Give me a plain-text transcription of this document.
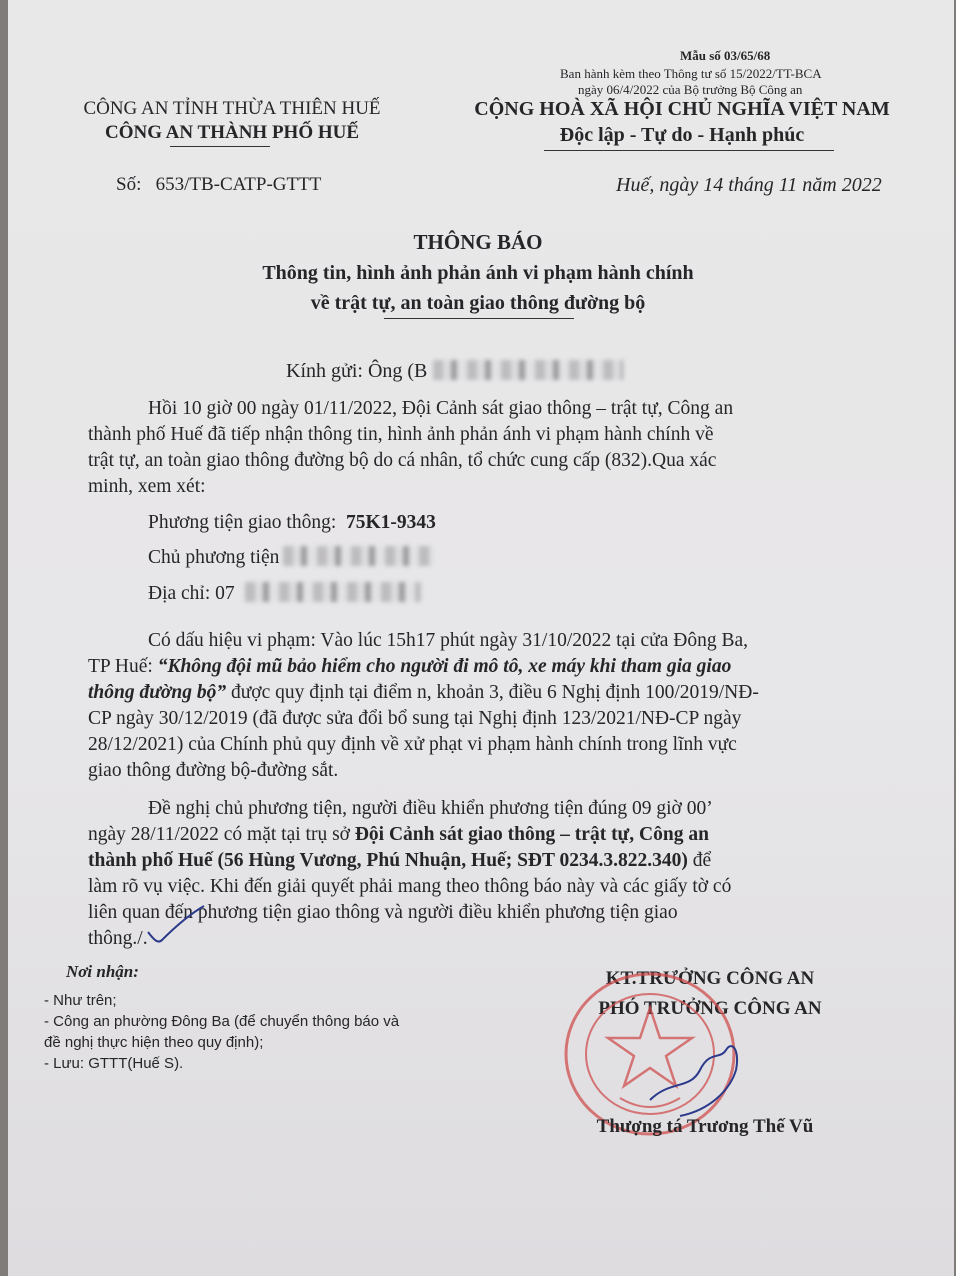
Mẫu số 03/65/68
Ban hành kèm theo Thông tư số 15/2022/TT-BCA
ngày 06/4/2022 của Bộ trưởng Bộ Công an
CÔNG AN TỈNH THỪA THIÊN HUẾ
CÔNG AN THÀNH PHỐ HUẾ
CỘNG HOÀ XÃ HỘI CHỦ NGHĨA VIỆT NAM
Độc lập - Tự do - Hạnh phúc
Số: 653/TB-CATP-GTTT	Huế, ngày 14 tháng 11 năm 2022
THÔNG BÁO
Thông tin, hình ảnh phản ánh vi phạm hành chính
về trật tự, an toàn giao thông đường bộ
Kính gửi: Ông (B
Hồi 10 giờ 00 ngày 01/11/2022, Đội Cảnh sát giao thông – trật tự, Công an
thành phố Huế đã tiếp nhận thông tin, hình ảnh phản ánh vi phạm hành chính về
trật tự, an toàn giao thông đường bộ do cá nhân, tổ chức cung cấp (832).Qua xác
minh, xem xét:
Phương tiện giao thông: 75K1-9343
Chủ phương tiện
Địa chỉ: 07
Có dấu hiệu vi phạm: Vào lúc 15h17 phút ngày 31/10/2022 tại cửa Đông Ba,
TP Huế: “Không đội mũ bảo hiểm cho người đi mô tô, xe máy khi tham gia giao
thông đường bộ” được quy định tại điểm n, khoản 3, điều 6 Nghị định 100/2019/NĐ-
CP ngày 30/12/2019 (đã được sửa đổi bổ sung tại Nghị định 123/2021/NĐ-CP ngày
28/12/2021) của Chính phủ quy định về xử phạt vi phạm hành chính trong lĩnh vực
giao thông đường bộ-đường sắt.
Đề nghị chủ phương tiện, người điều khiển phương tiện đúng 09 giờ 00’
ngày 28/11/2022 có mặt tại trụ sở Đội Cảnh sát giao thông – trật tự, Công an
thành phố Huế (56 Hùng Vương, Phú Nhuận, Huế; SĐT 0234.3.822.340) để
làm rõ vụ việc. Khi đến giải quyết phải mang theo thông báo này và các giấy tờ có
liên quan đến phương tiện giao thông và người điều khiển phương tiện giao
thông./.
Nơi nhận:
- Như trên;
- Công an phường Đông Ba (để chuyển thông báo và
đề nghị thực hiện theo quy định);
- Lưu: GTTT(Huế S).
KT.TRƯỞNG CÔNG AN
PHÓ TRƯỞNG CÔNG AN
Thượng tá Trương Thế Vũ
